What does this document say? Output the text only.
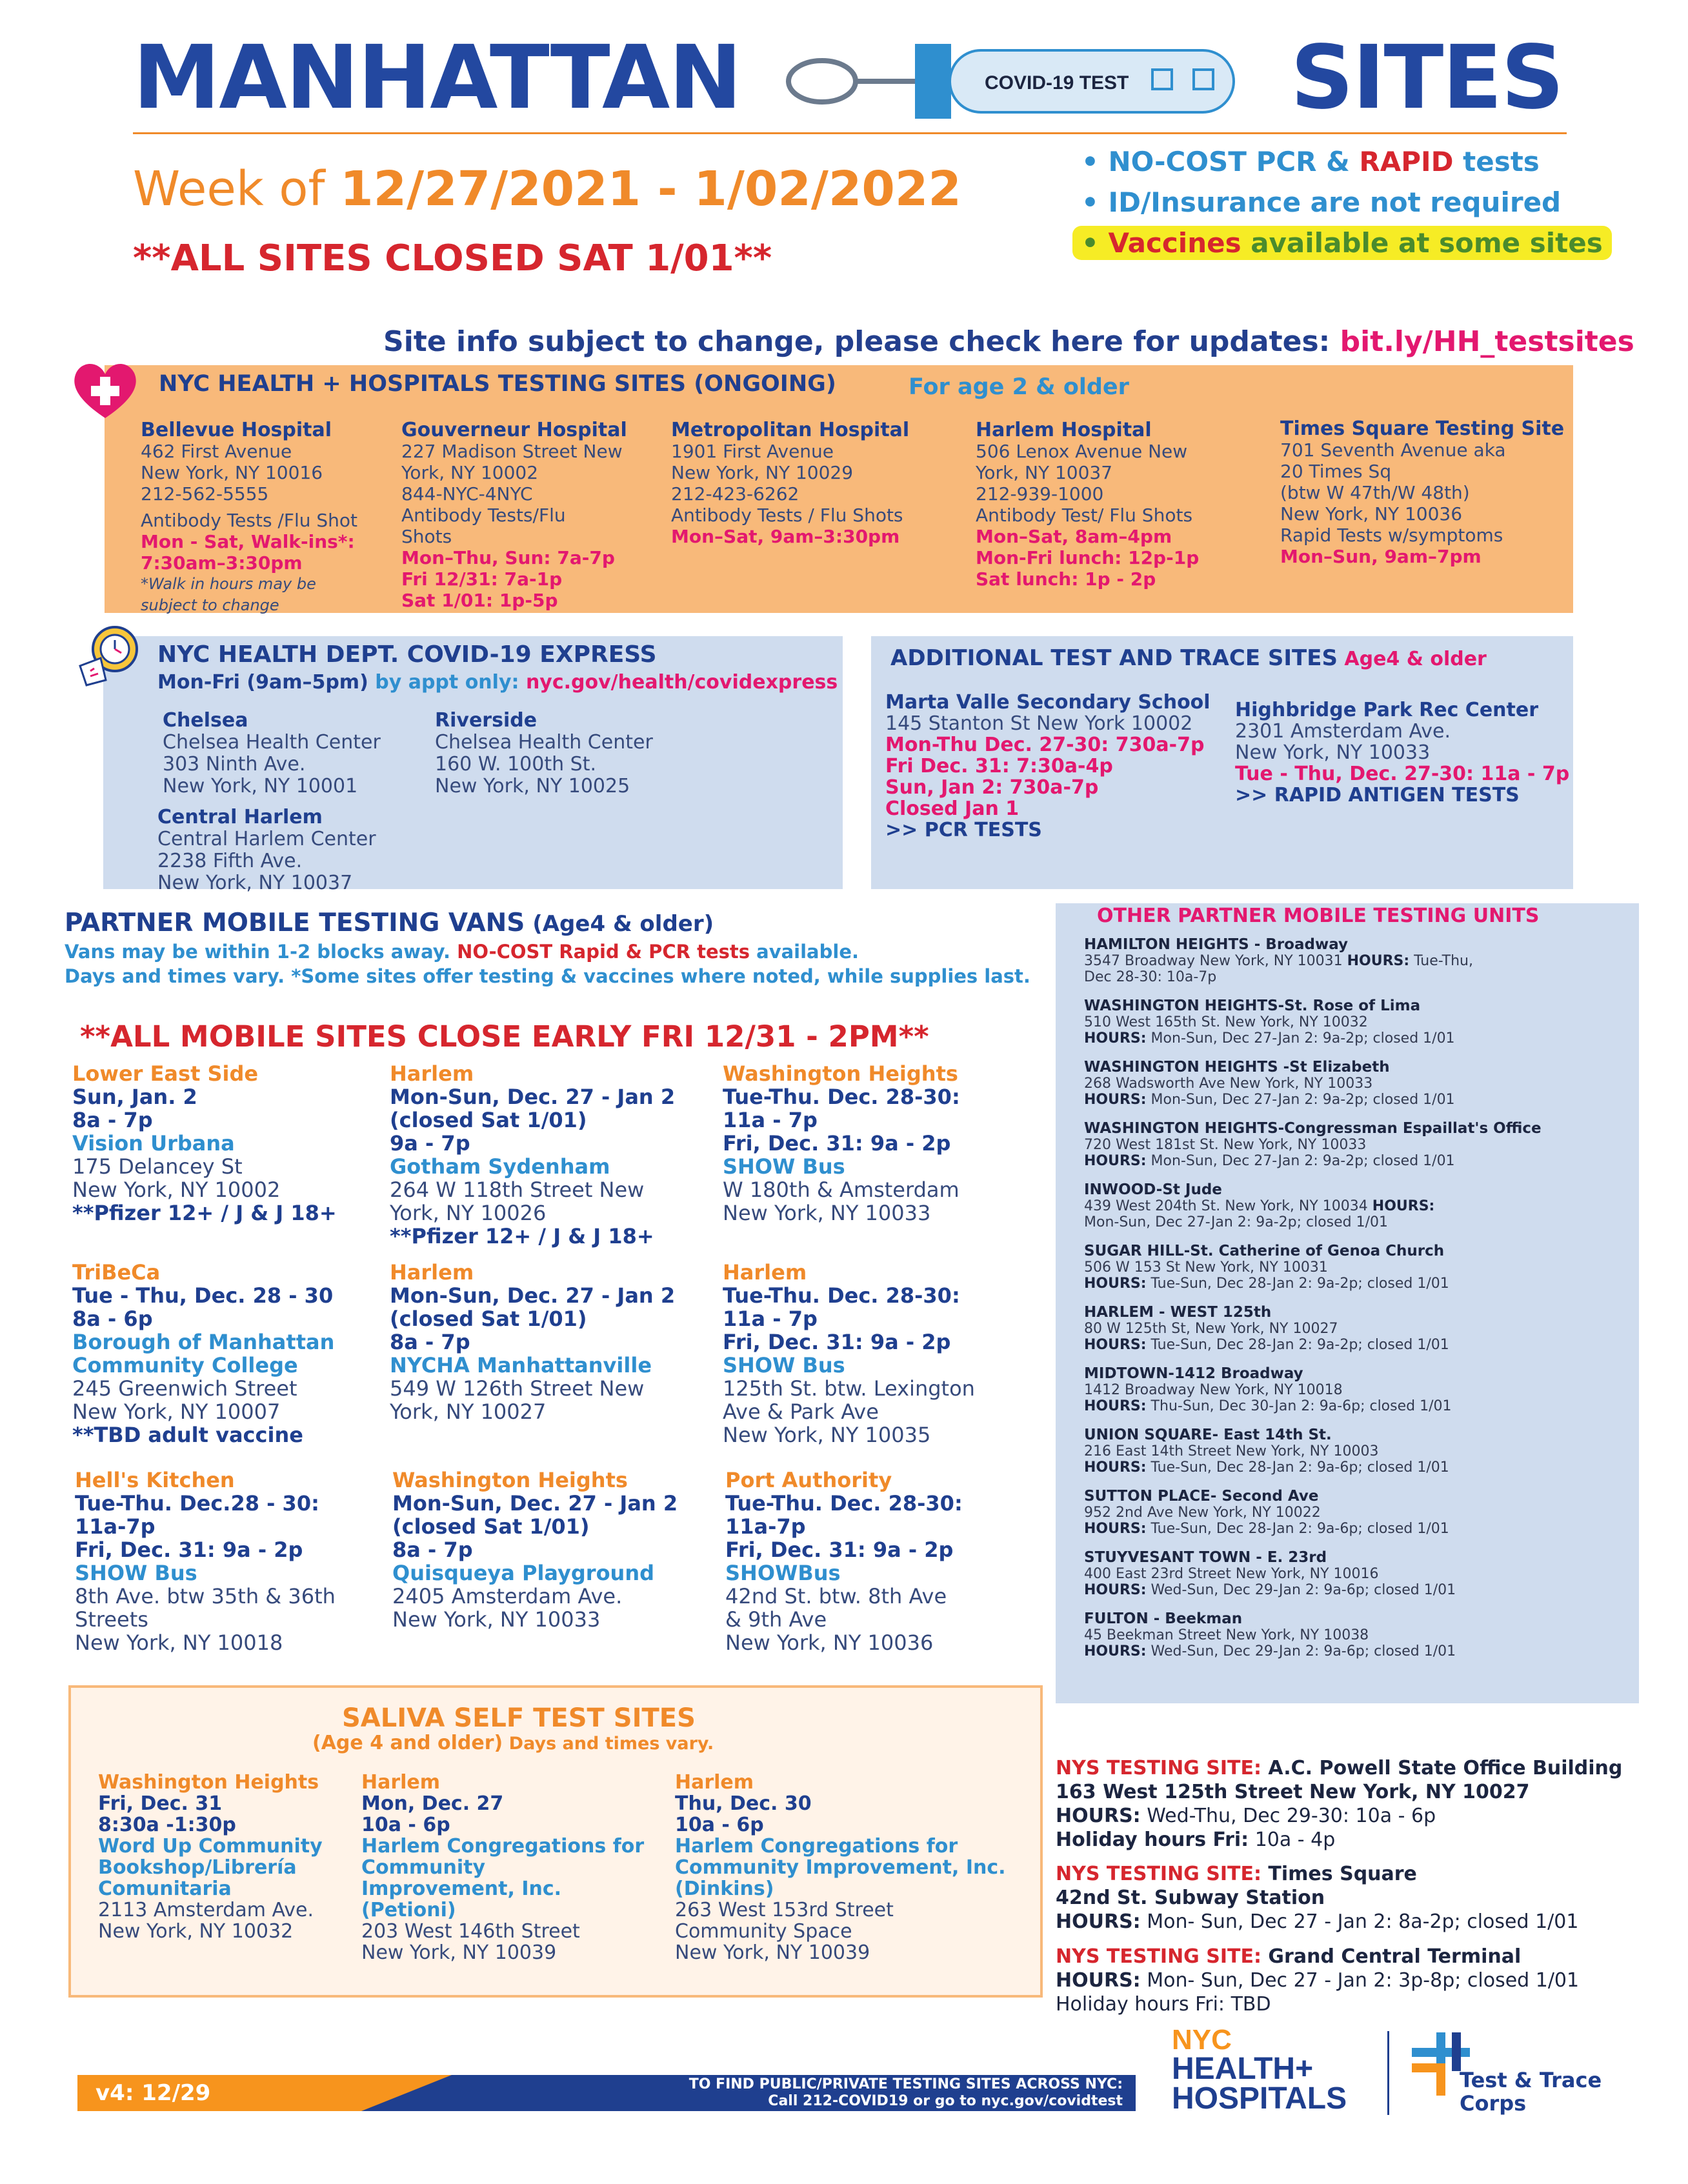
MANHATTAN	COVID-19 TEST SITES
Week of 12/27/2021 - 1/02/2022
**ALL SITES CLOSED SAT 1/01**
• NO-COST PCR & RAPID tests
• ID/Insurance are not required
• Vaccines available at some sites
Site info subject to change, please check here for updates: bit.ly/HH_testsites
NYC HEALTH + HOSPITALS TESTING SITES (ONGOING)	For age 2 & older
Bellevue Hospital
462 First Avenue
New York, NY 10016
212-562-5555
Antibody Tests /Flu Shot
Mon - Sat, Walk-ins*:
7:30am–3:30pm
*Walk in hours may be
subject to change
Gouverneur Hospital
227 Madison Street New
York, NY 10002
844-NYC-4NYC
Antibody Tests/Flu
Shots
Mon–Thu, Sun: 7a-7p
Fri 12/31: 7a-1p
Sat 1/01: 1p-5p
Metropolitan Hospital
1901 First Avenue
New York, NY 10029
212-423-6262
Antibody Tests / Flu Shots
Mon–Sat, 9am–3:30pm
Harlem Hospital
506 Lenox Avenue New
York, NY 10037
212-939-1000
Antibody Test/ Flu Shots
Mon–Sat, 8am–4pm
Mon-Fri lunch: 12p-1p
Sat lunch: 1p - 2p
Times Square Testing Site
701 Seventh Avenue aka
20 Times Sq
(btw W 47th/W 48th)
New York, NY 10036
Rapid Tests w/symptoms
Mon–Sun, 9am–7pm
NYC HEALTH DEPT. COVID-19 EXPRESS
Mon-Fri (9am–5pm) by appt only: nyc.gov/health/covidexpress
Chelsea
Chelsea Health Center
303 Ninth Ave.
New York, NY 10001
Riverside
Chelsea Health Center
160 W. 100th St.
New York, NY 10025
Central Harlem
Central Harlem Center
2238 Fifth Ave.
New York, NY 10037
ADDITIONAL TEST AND TRACE SITES Age4 & older
Marta Valle Secondary School
145 Stanton St New York 10002
Mon-Thu Dec. 27-30: 730a-7p
Fri Dec. 31: 7:30a-4p
Sun, Jan 2: 730a-7p
Closed Jan 1
>> PCR TESTS
Highbridge Park Rec Center
2301 Amsterdam Ave.
New York, NY 10033
Tue - Thu, Dec. 27-30: 11a - 7p
>> RAPID ANTIGEN TESTS
PARTNER MOBILE TESTING VANS (Age4 & older)
Vans may be within 1-2 blocks away. NO-COST Rapid & PCR tests available.
Days and times vary. *Some sites offer testing & vaccines where noted, while supplies last.
**ALL MOBILE SITES CLOSE EARLY FRI 12/31 - 2PM**
Lower East Side
Sun, Jan. 2
8a - 7p
Vision Urbana
175 Delancey St
New York, NY 10002
**Pfizer 12+ / J & J 18+
Harlem
Mon-Sun, Dec. 27 - Jan 2
(closed Sat 1/01)
9a - 7p
Gotham Sydenham
264 W 118th Street New
York, NY 10026
**Pfizer 12+ / J & J 18+
Washington Heights
Tue-Thu. Dec. 28-30:
11a - 7p
Fri, Dec. 31: 9a - 2p
SHOW Bus
W 180th & Amsterdam
New York, NY 10033
TriBeCa
Tue - Thu, Dec. 28 - 30
8a - 6p
Borough of Manhattan
Community College
245 Greenwich Street
New York, NY 10007
**TBD adult vaccine
Harlem
Mon-Sun, Dec. 27 - Jan 2
(closed Sat 1/01)
8a - 7p
NYCHA Manhattanville
549 W 126th Street New
York, NY 10027
Harlem
Tue-Thu. Dec. 28-30:
11a - 7p
Fri, Dec. 31: 9a - 2p
SHOW Bus
125th St. btw. Lexington
Ave & Park Ave
New York, NY 10035
Hell's Kitchen
Tue-Thu. Dec.28 - 30:
11a-7p
Fri, Dec. 31: 9a - 2p
SHOW Bus
8th Ave. btw 35th & 36th
Streets
New York, NY 10018
Washington Heights
Mon-Sun, Dec. 27 - Jan 2
(closed Sat 1/01)
8a - 7p
Quisqueya Playground
2405 Amsterdam Ave.
New York, NY 10033
Port Authority
Tue-Thu. Dec. 28-30:
11a-7p
Fri, Dec. 31: 9a - 2p
SHOWBus
42nd St. btw. 8th Ave
& 9th Ave
New York, NY 10036
OTHER PARTNER MOBILE TESTING UNITS
HAMILTON HEIGHTS - Broadway
3547 Broadway New York, NY 10031 HOURS: Tue-Thu,
Dec 28-30: 10a-7p
WASHINGTON HEIGHTS-St. Rose of Lima
510 West 165th St. New York, NY 10032
HOURS: Mon-Sun, Dec 27-Jan 2: 9a-2p; closed 1/01
WASHINGTON HEIGHTS -St Elizabeth
268 Wadsworth Ave New York, NY 10033
HOURS: Mon-Sun, Dec 27-Jan 2: 9a-2p; closed 1/01
WASHINGTON HEIGHTS-Congressman Espaillat's Office
720 West 181st St. New York, NY 10033
HOURS: Mon-Sun, Dec 27-Jan 2: 9a-2p; closed 1/01
INWOOD-St Jude
439 West 204th St. New York, NY 10034 HOURS:
Mon-Sun, Dec 27-Jan 2: 9a-2p; closed 1/01
SUGAR HILL-St. Catherine of Genoa Church
506 W 153 St New York, NY 10031
HOURS: Tue-Sun, Dec 28-Jan 2: 9a-2p; closed 1/01
HARLEM - WEST 125th
80 W 125th St, New York, NY 10027
HOURS: Tue-Sun, Dec 28-Jan 2: 9a-2p; closed 1/01
MIDTOWN-1412 Broadway
1412 Broadway New York, NY 10018
HOURS: Thu-Sun, Dec 30-Jan 2: 9a-6p; closed 1/01
UNION SQUARE- East 14th St.
216 East 14th Street New York, NY 10003
HOURS: Tue-Sun, Dec 28-Jan 2: 9a-6p; closed 1/01
SUTTON PLACE- Second Ave
952 2nd Ave New York, NY 10022
HOURS: Tue-Sun, Dec 28-Jan 2: 9a-6p; closed 1/01
STUYVESANT TOWN - E. 23rd
400 East 23rd Street New York, NY 10016
HOURS: Wed-Sun, Dec 29-Jan 2: 9a-6p; closed 1/01
FULTON - Beekman
45 Beekman Street New York, NY 10038
HOURS: Wed-Sun, Dec 29-Jan 2: 9a-6p; closed 1/01
SALIVA SELF TEST SITES
(Age 4 and older) Days and times vary.
Washington Heights
Fri, Dec. 31
8:30a -1:30p
Word Up Community
Bookshop/Librería
Comunitaria
2113 Amsterdam Ave.
New York, NY 10032
Harlem
Mon, Dec. 27
10a - 6p
Harlem Congregations for
Community
Improvement, Inc.
(Petioni)
203 West 146th Street
New York, NY 10039
Harlem
Thu, Dec. 30
10a - 6p
Harlem Congregations for
Community Improvement, Inc.
(Dinkins)
263 West 153rd Street
Community Space
New York, NY 10039
NYS TESTING SITE: A.C. Powell State Office Building
163 West 125th Street New York, NY 10027
HOURS: Wed-Thu, Dec 29-30: 10a - 6p
Holiday hours Fri: 10a - 4p
NYS TESTING SITE: Times Square
42nd St. Subway Station
HOURS: Mon- Sun, Dec 27 - Jan 2: 8a-2p; closed 1/01
NYS TESTING SITE: Grand Central Terminal
HOURS: Mon- Sun, Dec 27 - Jan 2: 3p-8p; closed 1/01
Holiday hours Fri: TBD
v4: 12/29	TO FIND PUBLIC/PRIVATE TESTING SITES ACROSS NYC:
Call 212-COVID19 or go to nyc.gov/covidtest
NYC
HEALTH+
HOSPITALS
Test & Trace
Corps
